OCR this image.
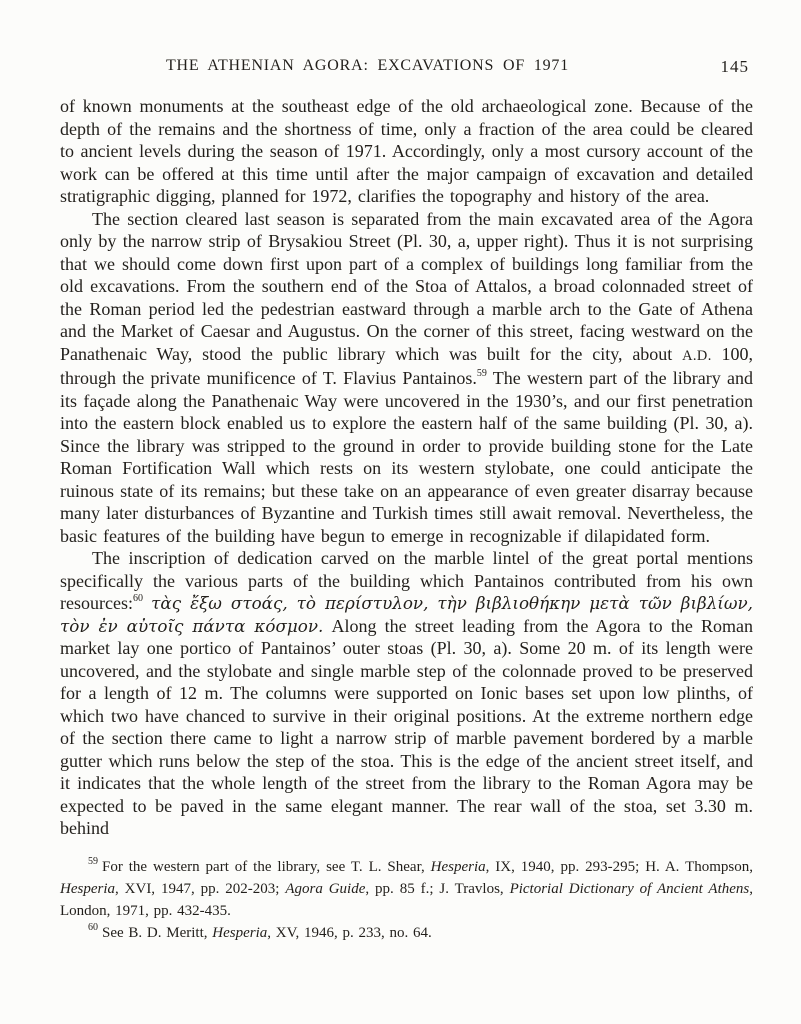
THE ATHENIAN AGORA: EXCAVATIONS OF 1971	145

of known monuments at the southeast edge of the old archaeological zone. Because of the depth of the remains and the shortness of time, only a fraction of the area could be cleared to ancient levels during the season of 1971. Accordingly, only a most cursory account of the work can be offered at this time until after the major campaign of excavation and detailed stratigraphic digging, planned for 1972, clarifies the topography and history of the area.

The section cleared last season is separated from the main excavated area of the Agora only by the narrow strip of Brysakiou Street (Pl. 30, a, upper right). Thus it is not surprising that we should come down first upon part of a complex of buildings long familiar from the old excavations. From the southern end of the Stoa of Attalos, a broad colonnaded street of the Roman period led the pedestrian eastward through a marble arch to the Gate of Athena and the Market of Caesar and Augustus. On the corner of this street, facing westward on the Panathenaic Way, stood the public library which was built for the city, about A.D. 100, through the private munificence of T. Flavius Pantainos.$^{59}$ The western part of the library and its façade along the Panathenaic Way were uncovered in the 1930’s, and our first penetration into the eastern block enabled us to explore the eastern half of the same building (Pl. 30, a). Since the library was stripped to the ground in order to provide building stone for the Late Roman Fortification Wall which rests on its western stylobate, one could anticipate the ruinous state of its remains; but these take on an appearance of even greater disarray because many later disturbances of Byzantine and Turkish times still await removal. Nevertheless, the basic features of the building have begun to emerge in recognizable if dilapidated form.

The inscription of dedication carved on the marble lintel of the great portal mentions specifically the various parts of the building which Pantainos contributed from his own resources:$^{60}$ τὰς ἔξω στοάς, τὸ περίστυλον, τὴν βιβλιοθήκην μετὰ τῶν βιβλίων, τὸν ἐν αὐτοῖς πάντα κόσμον. Along the street leading from the Agora to the Roman market lay one portico of Pantainos’ outer stoas (Pl. 30, a). Some 20 m. of its length were uncovered, and the stylobate and single marble step of the colonnade proved to be preserved for a length of 12 m. The columns were supported on Ionic bases set upon low plinths, of which two have chanced to survive in their original positions. At the extreme northern edge of the section there came to light a narrow strip of marble pavement bordered by a marble gutter which runs below the step of the stoa. This is the edge of the ancient street itself, and it indicates that the whole length of the street from the library to the Roman Agora may be expected to be paved in the same elegant manner. The rear wall of the stoa, set 3.30 m. behind

$^{59}$ For the western part of the library, see T. L. Shear, Hesperia, IX, 1940, pp. 293-295; H. A. Thompson, Hesperia, XVI, 1947, pp. 202-203; Agora Guide, pp. 85 f.; J. Travlos, Pictorial Dictionary of Ancient Athens, London, 1971, pp. 432-435.

$^{60}$ See B. D. Meritt, Hesperia, XV, 1946, p. 233, no. 64.
